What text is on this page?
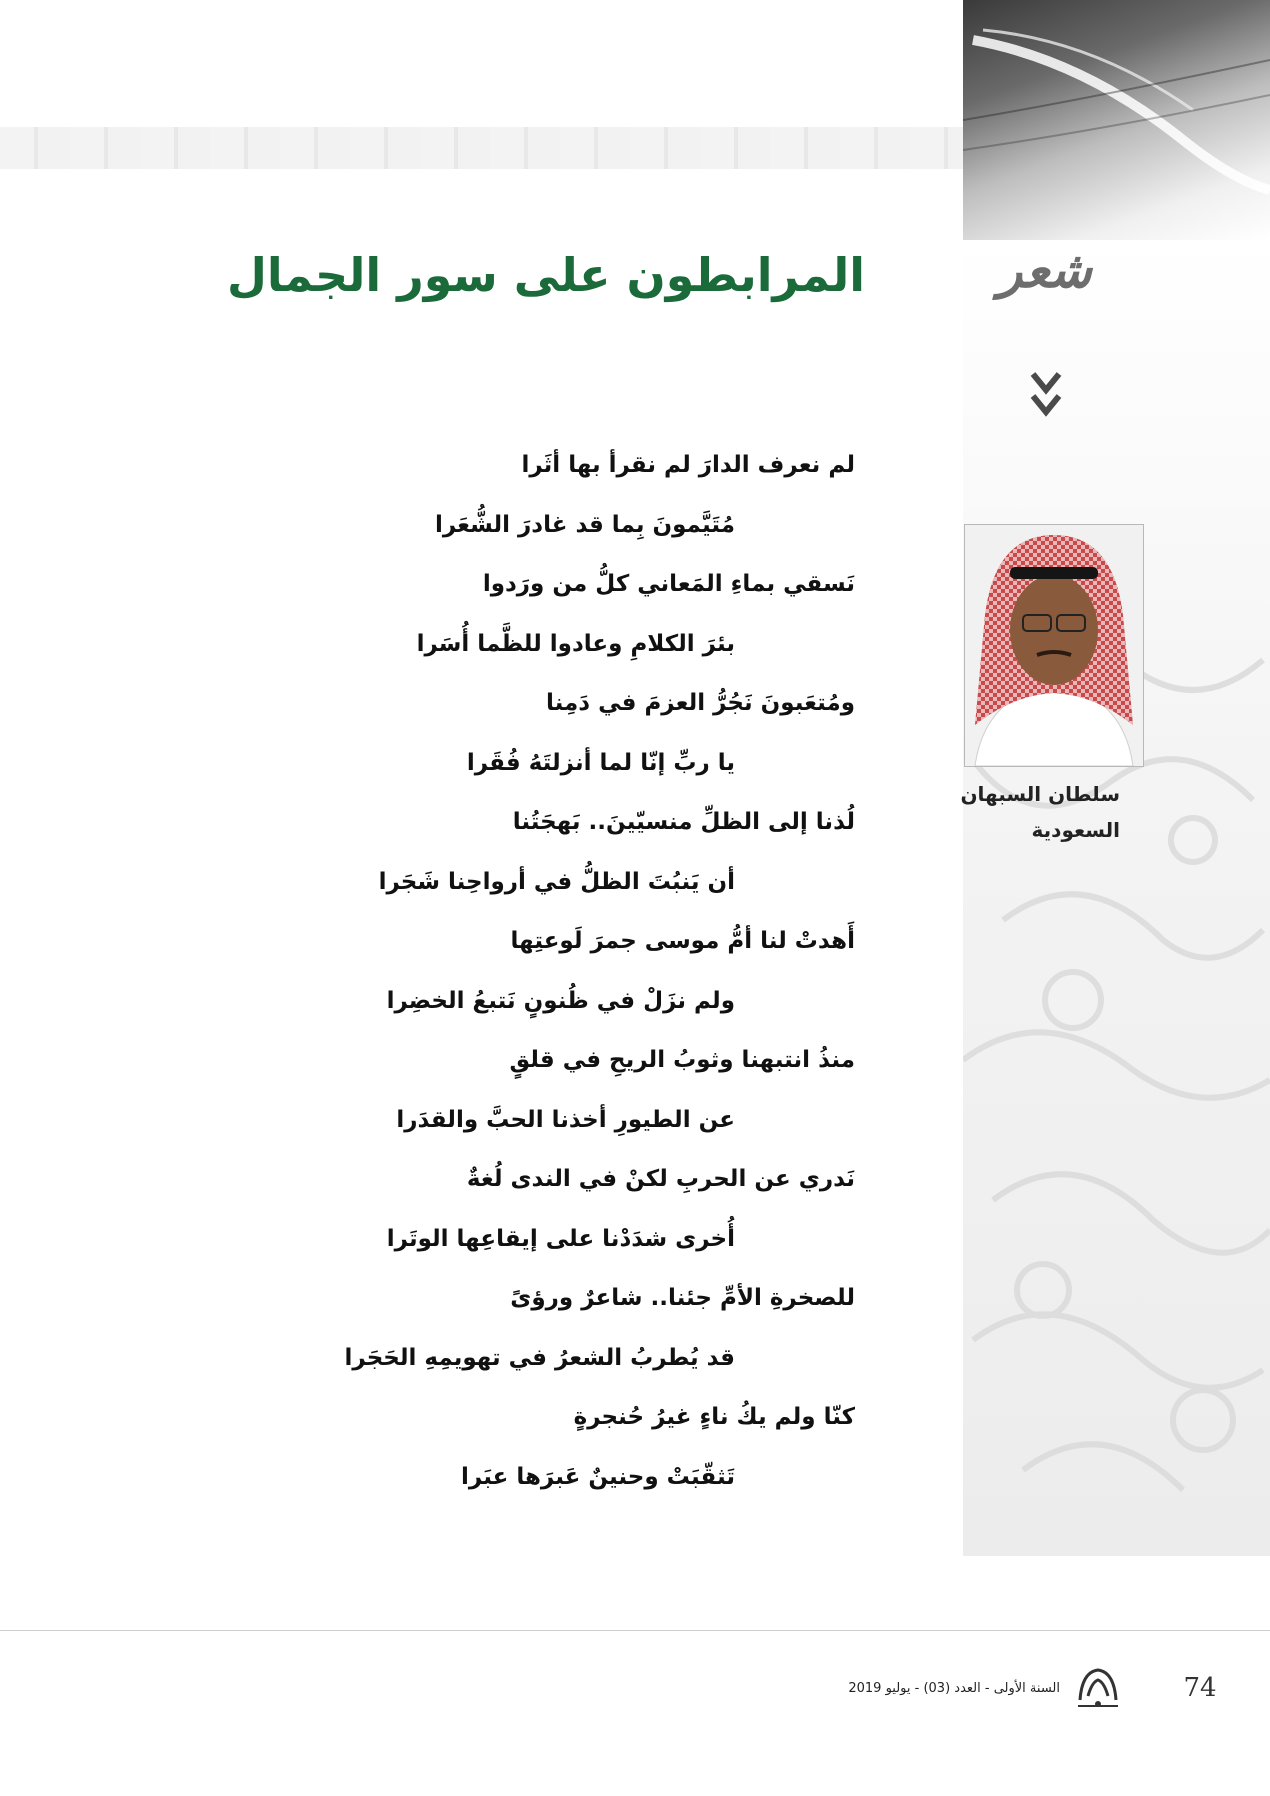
شعر
المرابطون على سور الجمال
سلطان السبهان
السعودية
لم نعرف الدارَ لم نقرأ بها أثَرا
مُتَيَّمونَ بِما قد غادرَ الشُّعَرا
نَسقي بماءِ المَعاني كلُّ من ورَدوا
بئرَ الكلامِ وعادوا للظَّما أُسَرا
ومُتعَبونَ نَجُرُّ العزمَ في دَمِنا
يا ربِّ إنّا لما أنزلتَهُ فُقَرا
لُذنا إلى الظلِّ منسيّينَ.. بَهجَتُنا
أن يَنبُتَ الظلُّ في أرواحِنا شَجَرا
أَهدتْ لنا أمُّ موسى جمرَ لَوعتِها
ولم نزَلْ في ظُنونٍ نَتبعُ الخضِرا
منذُ انتبهنا وثوبُ الريحِ في قلقٍ
عن الطيورِ أخذنا الحبَّ والقدَرا
نَدري عن الحربِ لكنْ في الندى لُغةٌ
أُخرى شدَدْنا على إيقاعِها الوتَرا
للصخرةِ الأمِّ جئنا.. شاعرٌ ورؤىً
قد يُطربُ الشعرُ في تهويمِهِ الحَجَرا
كنّا ولم يكُ ناءٍ غيرُ حُنجرةٍ
تَثقّبَتْ وحنينٌ عَبرَها عبَرا
السنة الأولى - العدد (03) - يوليو 2019	74
